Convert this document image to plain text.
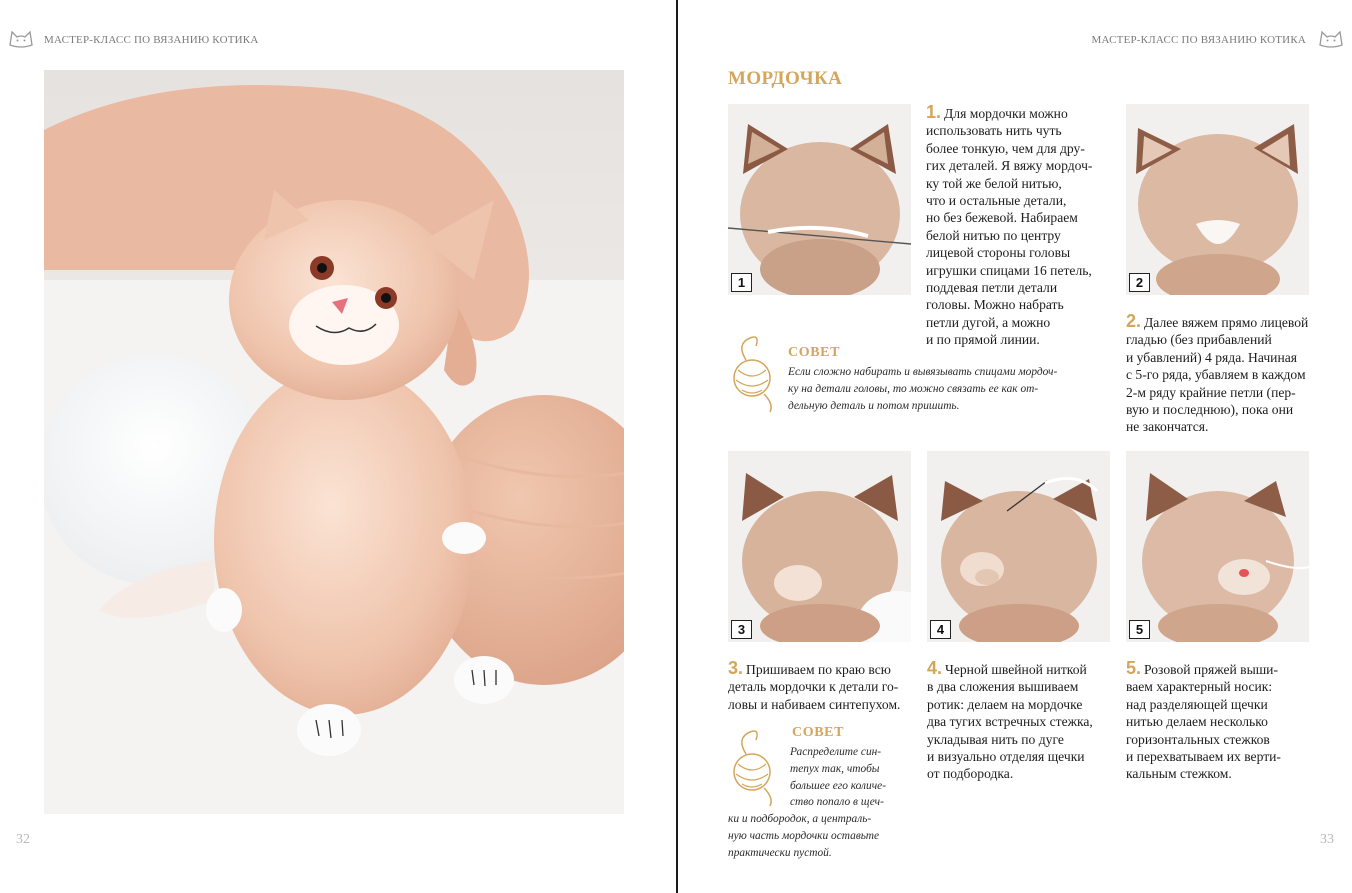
МАСТЕР-КЛАСС ПО ВЯЗАНИЮ КОТИКА
32
МАСТЕР-КЛАСС ПО ВЯЗАНИЮ КОТИКА
МОРДОЧКА
1
1. Для мордочки можно
использовать нить чуть
более тонкую, чем для дру-
гих деталей. Я вяжу мордоч-
ку той же белой нитью,
что и остальные детали,
но без бежевой. Набираем
белой нитью по центру
лицевой стороны головы
игрушки спицами 16 петель,
поддевая петли детали
головы. Можно набрать
петли дугой, а можно
и по прямой линии.
2
2. Далее вяжем прямо лицевой
гладью (без прибавлений
и убавлений) 4 ряда. Начиная
с 5-го ряда, убавляем в каждом
2-м ряду крайние петли (пер-
вую и последнюю), пока они
не закончатся.
СОВЕТ
Если сложно набирать и вывязывать спицами мордоч-
ку на детали головы, то можно связать ее как от-
дельную деталь и потом пришить.
3	4	5
3. Пришиваем по краю всю
деталь мордочки к детали го-
ловы и набиваем синтепухом.
4. Черной швейной ниткой
в два сложения вышиваем
ротик: делаем на мордочке
два тугих встречных стежка,
укладывая нить по дуге
и визуально отделяя щечки
от подбородка.
5. Розовой пряжей выши-
ваем характерный носик:
над разделяющей щечки
нитью делаем несколько
горизонтальных стежков
и перехватываем их верти-
кальным стежком.
СОВЕТ
Распределите син-
тепух так, чтобы
большее его количе-
ство попало в щеч-
ки и подбородок, а централь-
ную часть мордочки оставьте
практически пустой.
33
